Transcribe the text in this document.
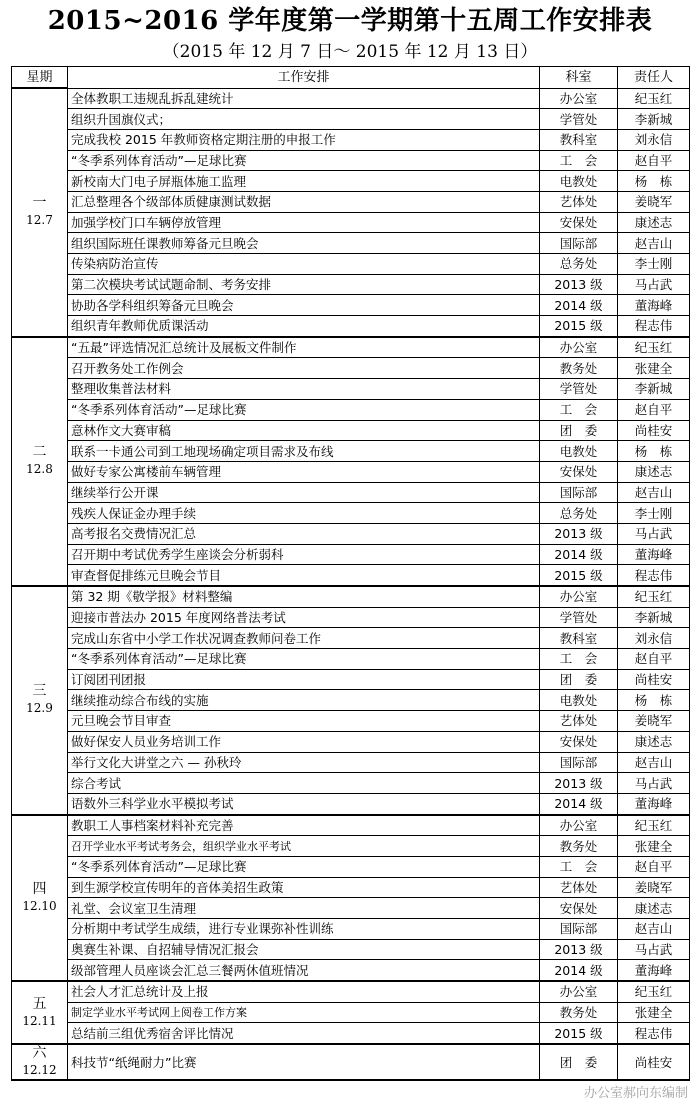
2015~2016 学年度第一学期第十五周工作安排表
（2015 年 12 月 7 日～ 2015 年 12 月 13 日）
星期	工作安排	科室	责任人

一
12.7	全体教职工违规乱拆乱建统计	办公室	纪玉红
	组织升国旗仪式；	学管处	李新城
	完成我校 2015 年教师资格定期注册的申报工作	教科室	刘永信
	“冬季系列体育活动”—足球比赛	工　会	赵自平
	新校南大门电子屏瓶体施工监理	电教处	杨　栋
	汇总整理各个级部体质健康测试数据	艺体处	姜晓军
	加强学校门口车辆停放管理	安保处	康述志
	组织国际班任课教师筹备元旦晚会	国际部	赵吉山
	传染病防治宣传	总务处	李士刚
	第二次模块考试试题命制、考务安排	2013 级	马占武
	协助各学科组织筹备元旦晚会	2014 级	董海峰
	组织青年教师优质课活动	2015 级	程志伟

二
12.8	“五最”评选情况汇总统计及展板文件制作	办公室	纪玉红
	召开教务处工作例会	教务处	张建全
	整理收集普法材料	学管处	李新城
	“冬季系列体育活动”—足球比赛	工　会	赵自平
	意林作文大赛审稿	团　委	尚桂安
	联系一卡通公司到工地现场确定项目需求及布线	电教处	杨　栋
	做好专家公寓楼前车辆管理	安保处	康述志
	继续举行公开课	国际部	赵吉山
	残疾人保证金办理手续	总务处	李士刚
	高考报名交费情况汇总	2013 级	马占武
	召开期中考试优秀学生座谈会分析弱科	2014 级	董海峰
	审查督促排练元旦晚会节目	2015 级	程志伟

三
12.9	第 32 期《敬学报》材料整编	办公室	纪玉红
	迎接市普法办 2015 年度网络普法考试	学管处	李新城
	完成山东省中小学工作状况调查教师问卷工作	教科室	刘永信
	“冬季系列体育活动”—足球比赛	工　会	赵自平
	订阅团刊团报	团　委	尚桂安
	继续推动综合布线的实施	电教处	杨　栋
	元旦晚会节目审查	艺体处	姜晓军
	做好保安人员业务培训工作	安保处	康述志
	举行文化大讲堂之六 — 孙秋玲	国际部	赵吉山
	综合考试	2013 级	马占武
	语数外三科学业水平模拟考试	2014 级	董海峰

四
12.10	教职工人事档案材料补充完善	办公室	纪玉红
	召开学业水平考试考务会，组织学业水平考试	教务处	张建全
	“冬季系列体育活动”—足球比赛	工　会	赵自平
	到生源学校宣传明年的音体美招生政策	艺体处	姜晓军
	礼堂、会议室卫生清理	安保处	康述志
	分析期中考试学生成绩，进行专业课弥补性训练	国际部	赵吉山
	奥赛生补课、自招辅导情况汇报会	2013 级	马占武
	级部管理人员座谈会汇总三餐两休值班情况	2014 级	董海峰

五
12.11	社会人才汇总统计及上报	办公室	纪玉红
	制定学业水平考试网上阅卷工作方案	教务处	张建全
	总结前三组优秀宿舍评比情况	2015 级	程志伟

六
12.12	科技节“纸绳耐力”比赛	团　委	尚桂安
办公室郝向东编制
